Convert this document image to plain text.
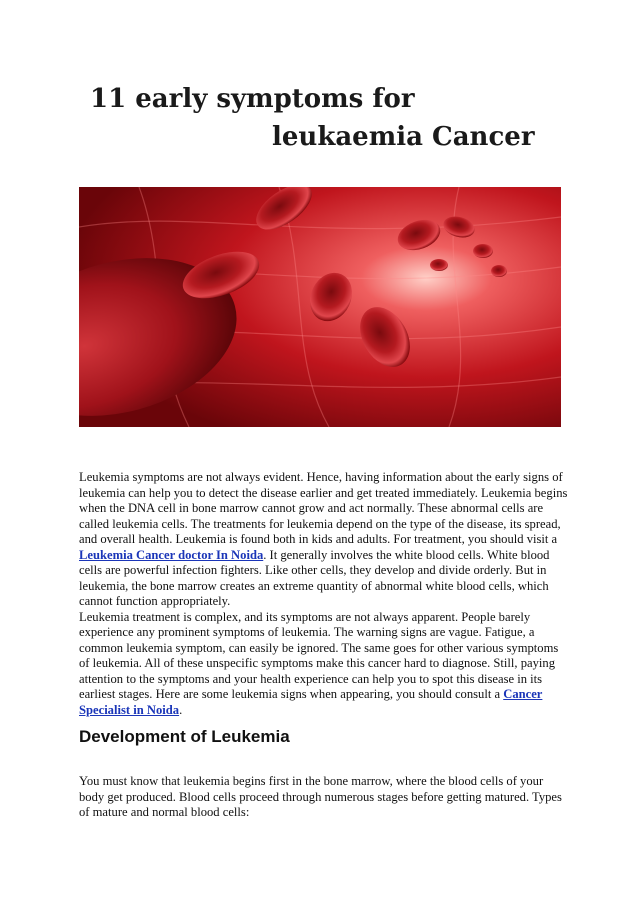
11 early symptoms for
leukaemia Cancer

Leukemia symptoms are not always evident. Hence, having information about the early signs of leukemia can help you to detect the disease earlier and get treated immediately. Leukemia begins when the DNA cell in bone marrow cannot grow and act normally. These abnormal cells are called leukemia cells. The treatments for leukemia depend on the type of the disease, its spread, and overall health. Leukemia is found both in kids and adults. For treatment, you should visit a Leukemia Cancer doctor In Noida. It generally involves the white blood cells. White blood cells are powerful infection fighters. Like other cells, they develop and divide orderly. But in leukemia, the bone marrow creates an extreme quantity of abnormal white blood cells, which cannot function appropriately.
Leukemia treatment is complex, and its symptoms are not always apparent. People barely experience any prominent symptoms of leukemia. The warning signs are vague. Fatigue, a common leukemia symptom, can easily be ignored. The same goes for other various symptoms of leukemia. All of these unspecific symptoms make this cancer hard to diagnose. Still, paying attention to the symptoms and your health experience can help you to spot this disease in its earliest stages. Here are some leukemia signs when appearing, you should consult a Cancer Specialist in Noida.

Development of Leukemia

You must know that leukemia begins first in the bone marrow, where the blood cells of your body get produced. Blood cells proceed through numerous stages before getting matured. Types of mature and normal blood cells:
